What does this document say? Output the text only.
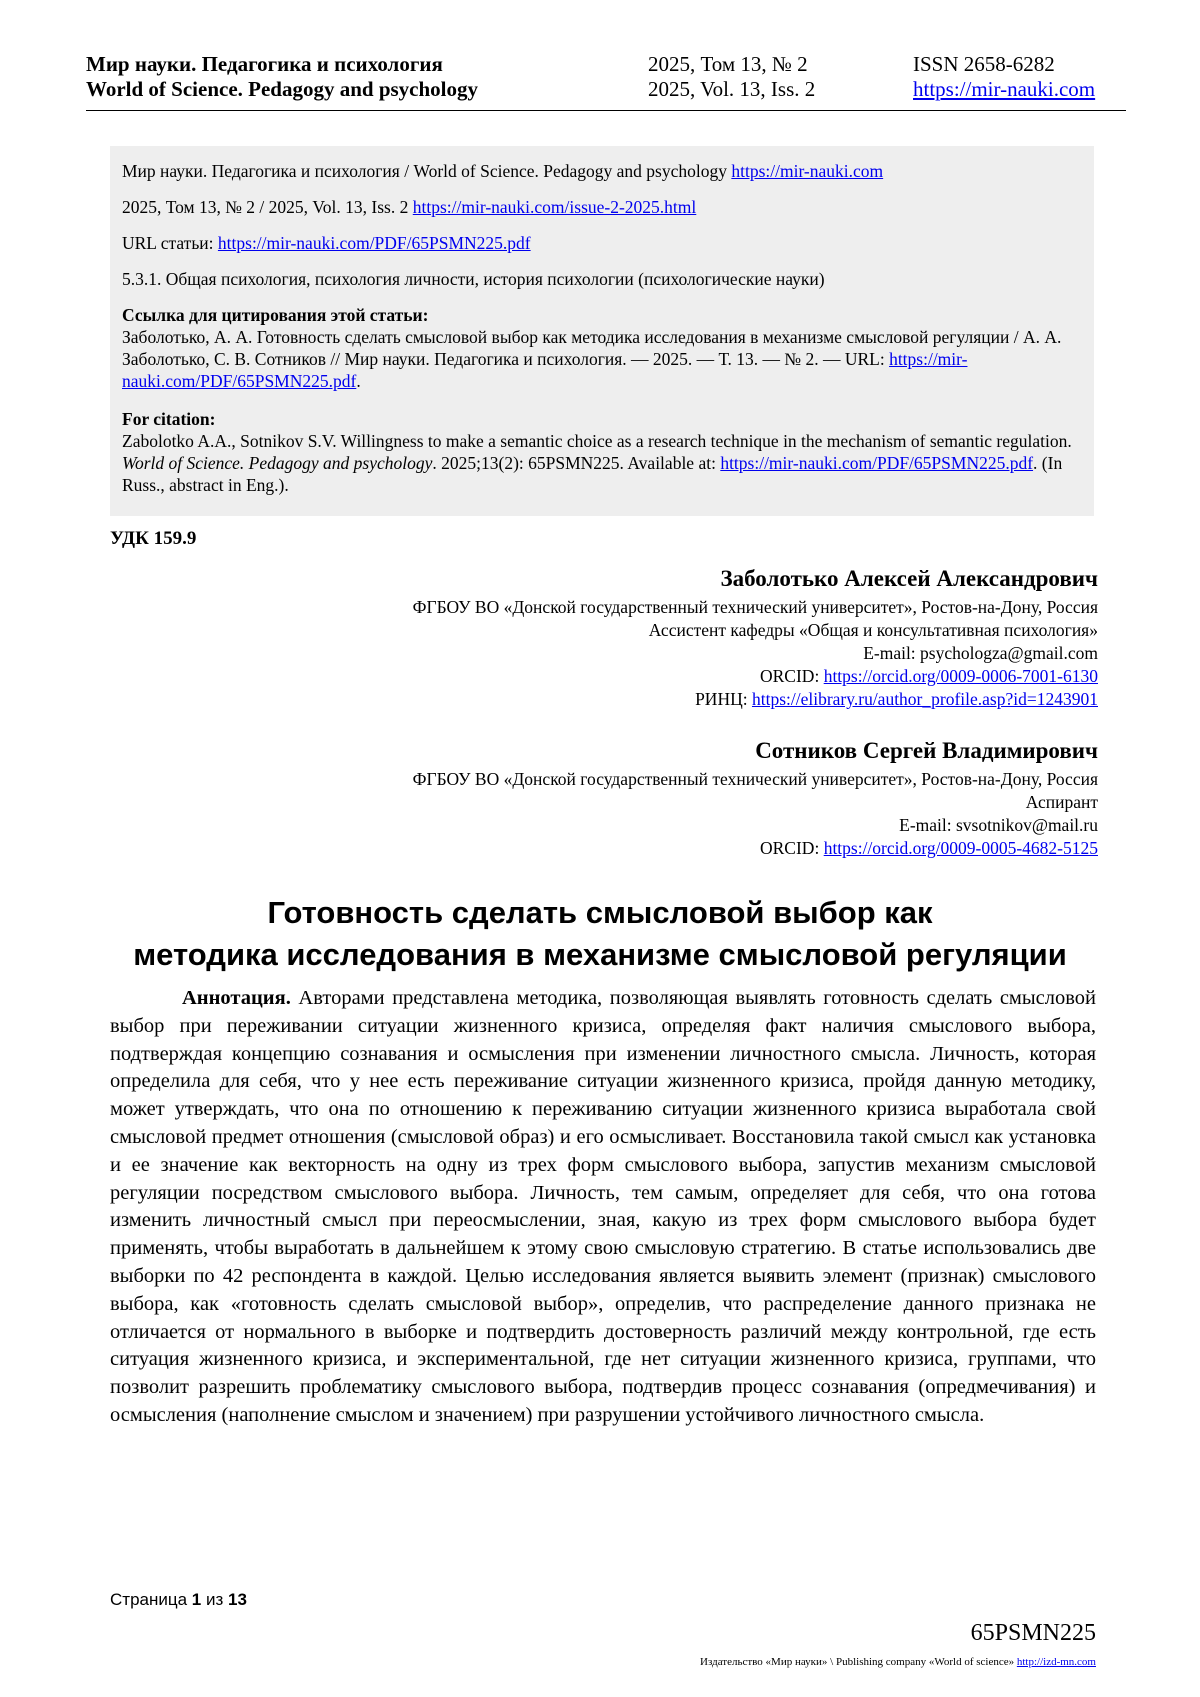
Мир науки. Педагогика и психология
World of Science. Pedagogy and psychology
2025, Том 13, № 2
2025, Vol. 13, Iss. 2
ISSN 2658-6282
https://mir-nauki.com
Мир науки. Педагогика и психология / World of Science. Pedagogy and psychology https://mir-nauki.com
2025, Том 13, № 2 / 2025, Vol. 13, Iss. 2 https://mir-nauki.com/issue-2-2025.html
URL статьи: https://mir-nauki.com/PDF/65PSMN225.pdf
5.3.1. Общая психология, психология личности, история психологии (психологические науки)
Ссылка для цитирования этой статьи:
Заболотько, А. А. Готовность сделать смысловой выбор как методика исследования в механизме смысловой регуляции / А. А. Заболотько, С. В. Сотников // Мир науки. Педагогика и психология. — 2025. — Т. 13. — № 2. — URL: https://mir-nauki.com/PDF/65PSMN225.pdf.
For citation:
Zabolotko A.A., Sotnikov S.V. Willingness to make a semantic choice as a research technique in the mechanism of semantic regulation. World of Science. Pedagogy and psychology. 2025;13(2): 65PSMN225. Available at: https://mir-nauki.com/PDF/65PSMN225.pdf. (In Russ., abstract in Eng.).
УДК 159.9
Заболотько Алексей Александрович
ФГБОУ ВО «Донской государственный технический университет», Ростов-на-Дону, Россия
Ассистент кафедры «Общая и консультативная психология»
E-mail: psychologza@gmail.com
ORCID: https://orcid.org/0009-0006-7001-6130
РИНЦ: https://elibrary.ru/author_profile.asp?id=1243901
Сотников Сергей Владимирович
ФГБОУ ВО «Донской государственный технический университет», Ростов-на-Дону, Россия
Аспирант
E-mail: svsotnikov@mail.ru
ORCID: https://orcid.org/0009-0005-4682-5125
Готовность сделать смысловой выбор как
методика исследования в механизме смысловой регуляции
Аннотация. Авторами представлена методика, позволяющая выявлять готовность сделать смысловой выбор при переживании ситуации жизненного кризиса, определяя факт наличия смыслового выбора, подтверждая концепцию сознавания и осмысления при изменении личностного смысла. Личность, которая определила для себя, что у нее есть переживание ситуации жизненного кризиса, пройдя данную методику, может утверждать, что она по отношению к переживанию ситуации жизненного кризиса выработала свой смысловой предмет отношения (смысловой образ) и его осмысливает. Восстановила такой смысл как установка и ее значение как векторность на одну из трех форм смыслового выбора, запустив механизм смысловой регуляции посредством смыслового выбора. Личность, тем самым, определяет для себя, что она готова изменить личностный смысл при переосмыслении, зная, какую из трех форм смыслового выбора будет применять, чтобы выработать в дальнейшем к этому свою смысловую стратегию. В статье использовались две выборки по 42 респондента в каждой. Целью исследования является выявить элемент (признак) смыслового выбора, как «готовность сделать смысловой выбор», определив, что распределение данного признака не отличается от нормального в выборке и подтвердить достоверность различий между контрольной, где есть ситуация жизненного кризиса, и экспериментальной, где нет ситуации жизненного кризиса, группами, что позволит разрешить проблематику смыслового выбора, подтвердив процесс сознавания (опредмечивания) и осмысления (наполнение смыслом и значением) при разрушении устойчивого личностного смысла.
Страница 1 из 13
65PSMN225
Издательство «Мир науки» \ Publishing company «World of science» http://izd-mn.com
